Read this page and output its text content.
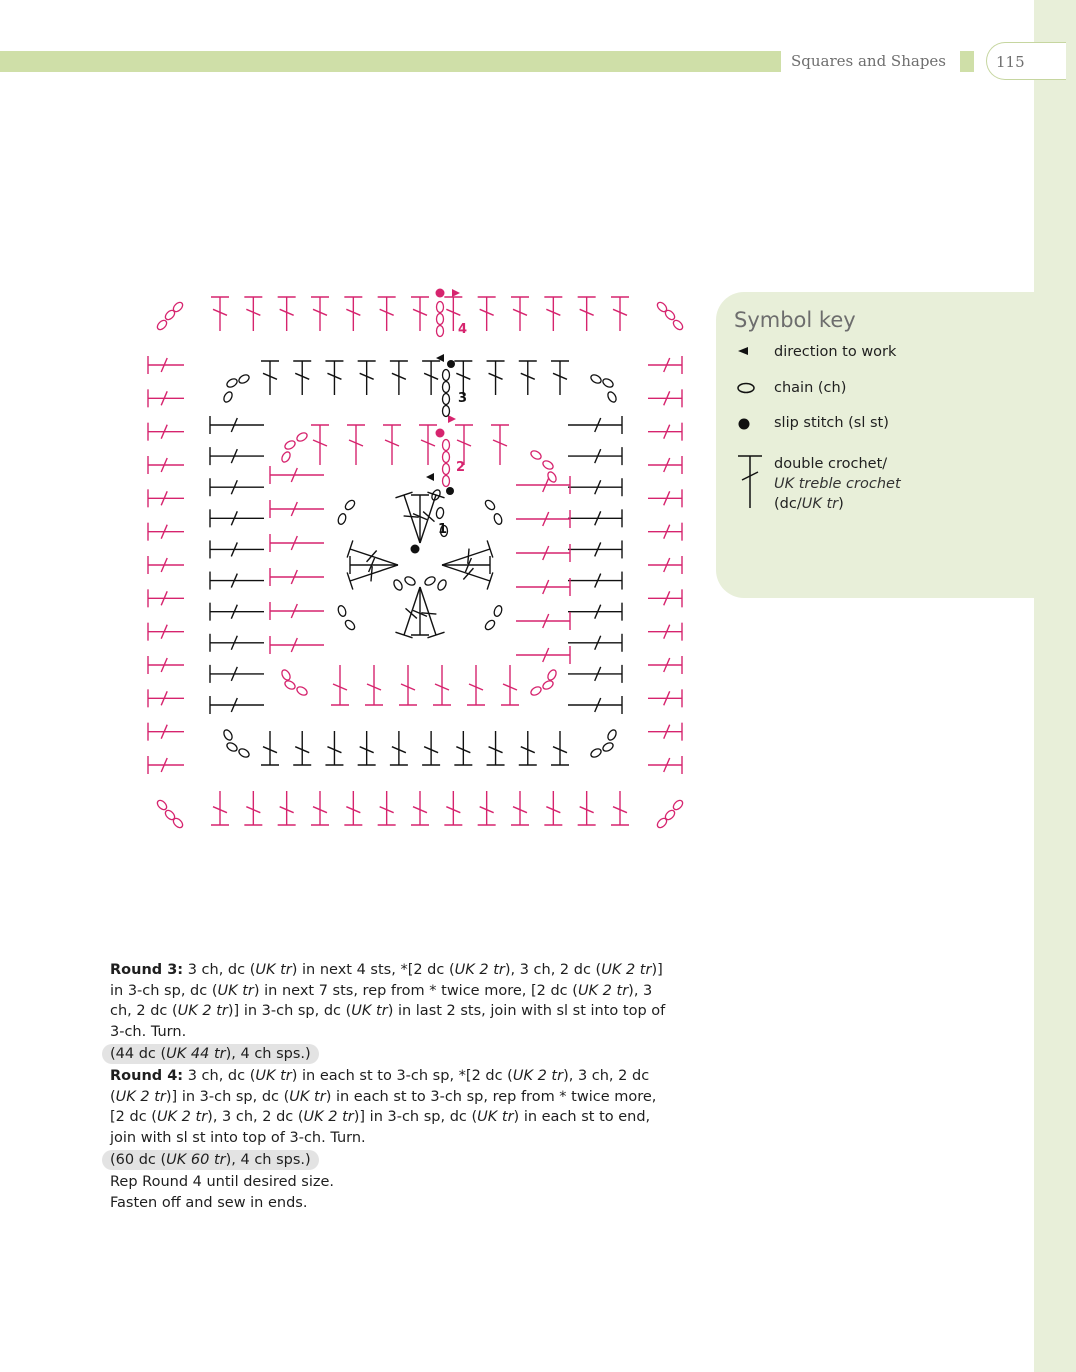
Squares and Shapes	115
1
2
3
4	Symbol key
direction to work
chain (ch)
slip stitch (sl st)
double crochet/
UK treble crochet
(dc/UK tr)

Round 3: 3 ch, dc (UK tr) in next 4 sts, *[2 dc (UK 2 tr), 3 ch, 2 dc (UK 2 tr)] in 3-ch sp, dc (UK tr) in next 7 sts, rep from * twice more, [2 dc (UK 2 tr), 3 ch, 2 dc (UK 2 tr)] in 3-ch sp, dc (UK tr) in last 2 sts, join with sl st into top of 3-ch. Turn.

(44 dc (UK 44 tr), 4 ch sps.)

Round 4: 3 ch, dc (UK tr) in each st to 3-ch sp, *[2 dc (UK 2 tr), 3 ch, 2 dc (UK 2 tr)] in 3-ch sp, dc (UK tr) in each st to 3-ch sp, rep from * twice more, [2 dc (UK 2 tr), 3 ch, 2 dc (UK 2 tr)] in 3-ch sp, dc (UK tr) in each st to end, join with sl st into top of 3-ch. Turn.

(60 dc (UK 60 tr), 4 ch sps.)

Rep Round 4 until desired size.

Fasten off and sew in ends.
